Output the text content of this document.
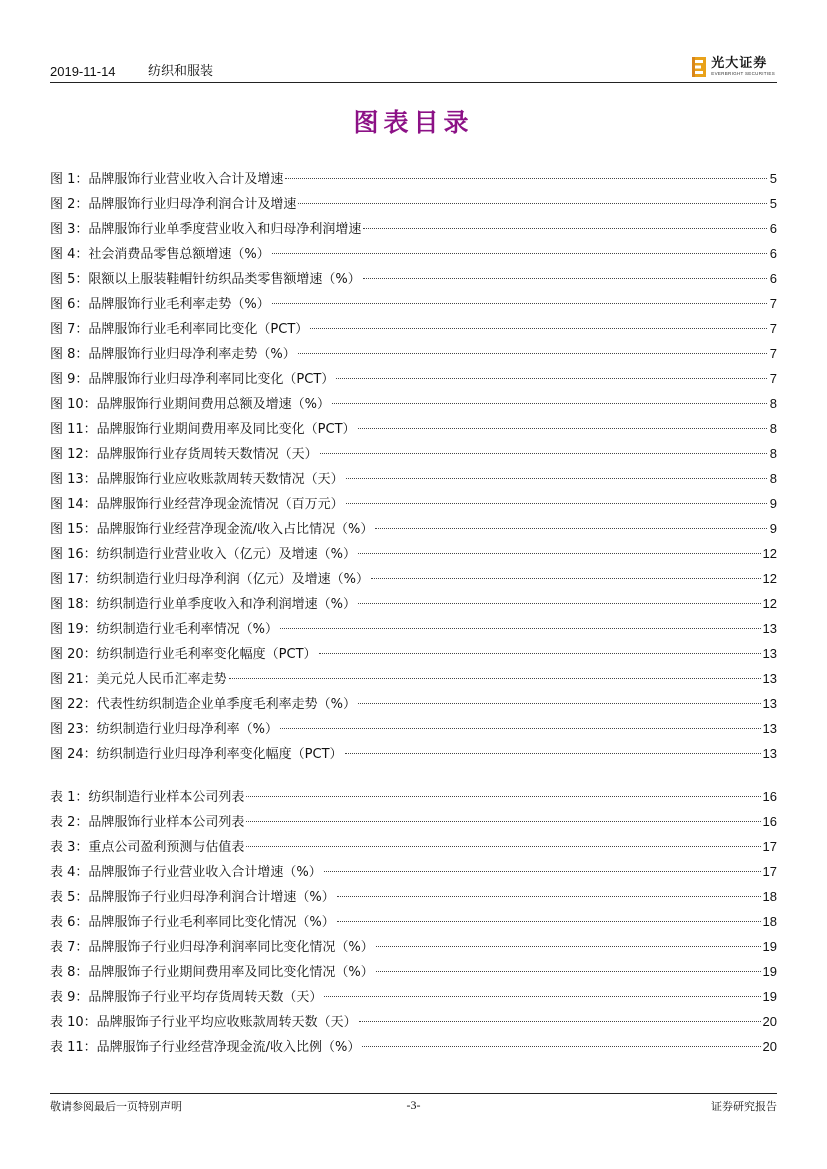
2019-11-14 纺织和服装
光大证券
EVERBRIGHT SECURITIES
图表目录
图 1：品牌服饰行业营业收入合计及增速	5
图 2：品牌服饰行业归母净利润合计及增速	5
图 3：品牌服饰行业单季度营业收入和归母净利润增速	6
图 4：社会消费品零售总额增速（%）	6
图 5：限额以上服装鞋帽针纺织品类零售额增速（%）	6
图 6：品牌服饰行业毛利率走势（%）	7
图 7：品牌服饰行业毛利率同比变化（PCT）	7
图 8：品牌服饰行业归母净利率走势（%）	7
图 9：品牌服饰行业归母净利率同比变化（PCT）	7
图 10：品牌服饰行业期间费用总额及增速（%）	8
图 11：品牌服饰行业期间费用率及同比变化（PCT）	8
图 12：品牌服饰行业存货周转天数情况（天）	8
图 13：品牌服饰行业应收账款周转天数情况（天）	8
图 14：品牌服饰行业经营净现金流情况（百万元）	9
图 15：品牌服饰行业经营净现金流/收入占比情况（%）	9
图 16：纺织制造行业营业收入（亿元）及增速（%）	12
图 17：纺织制造行业归母净利润（亿元）及增速（%）	12
图 18：纺织制造行业单季度收入和净利润增速（%）	12
图 19：纺织制造行业毛利率情况（%）	13
图 20：纺织制造行业毛利率变化幅度（PCT）	13
图 21：美元兑人民币汇率走势	13
图 22：代表性纺织制造企业单季度毛利率走势（%）	13
图 23：纺织制造行业归母净利率（%）	13
图 24：纺织制造行业归母净利率变化幅度（PCT）	13
表 1：纺织制造行业样本公司列表	16
表 2：品牌服饰行业样本公司列表	16
表 3：重点公司盈利预测与估值表	17
表 4：品牌服饰子行业营业收入合计增速（%）	17
表 5：品牌服饰子行业归母净利润合计增速（%）	18
表 6：品牌服饰子行业毛利率同比变化情况（%）	18
表 7：品牌服饰子行业归母净利润率同比变化情况（%）	19
表 8：品牌服饰子行业期间费用率及同比变化情况（%）	19
表 9：品牌服饰子行业平均存货周转天数（天）	19
表 10：品牌服饰子行业平均应收账款周转天数（天）	20
表 11：品牌服饰子行业经营净现金流/收入比例（%）	20
敬请参阅最后一页特别声明	-3-	证券研究报告
